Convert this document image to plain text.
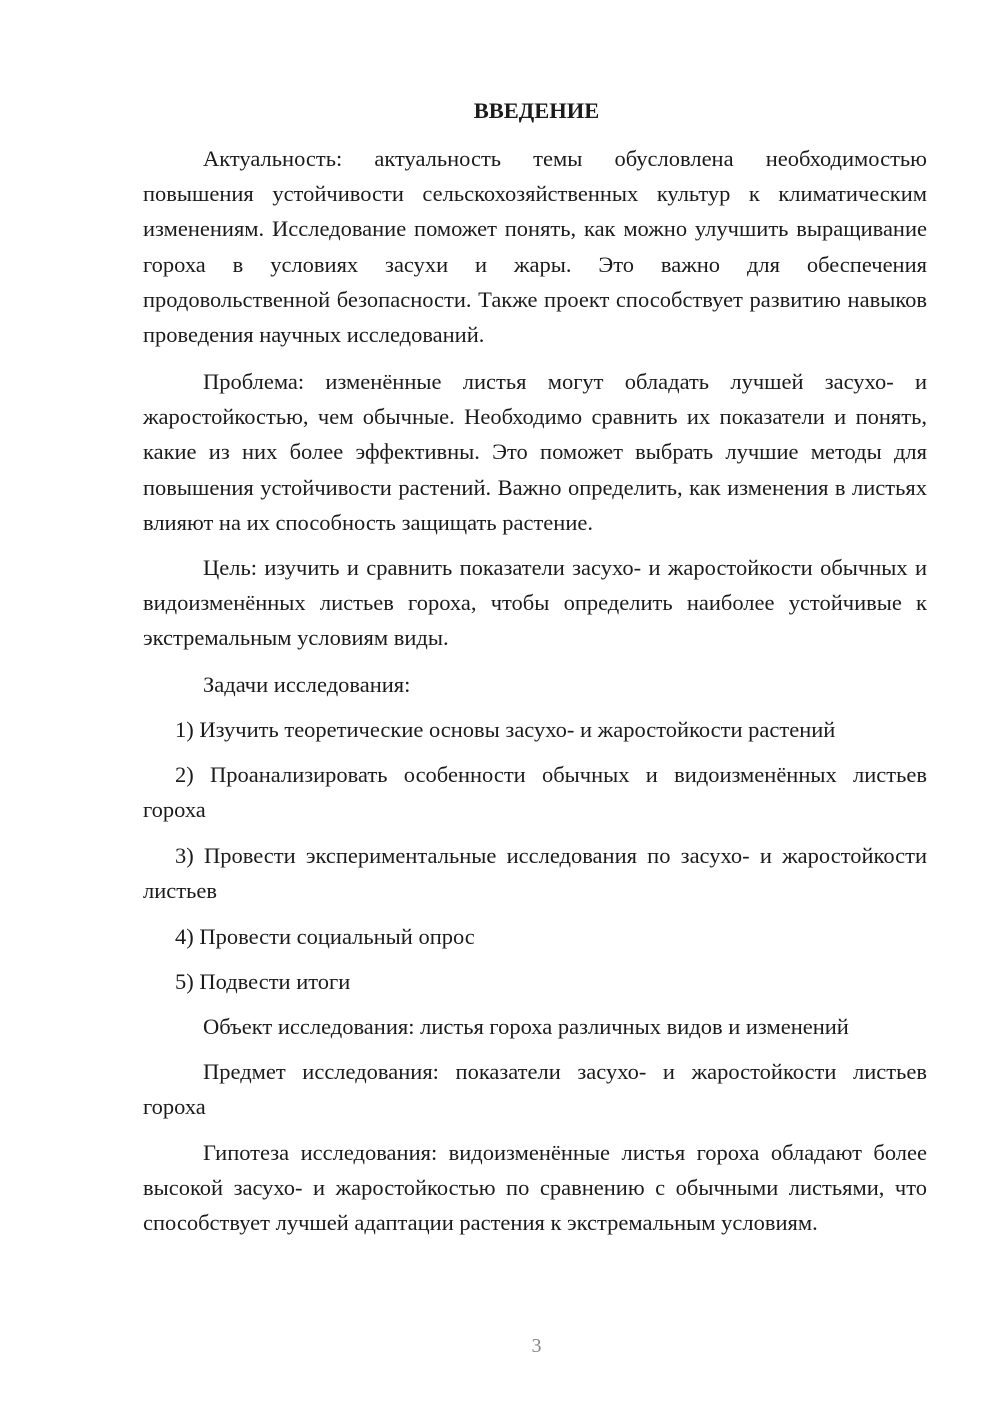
ВВЕДЕНИЕ

Актуальность: актуальность темы обусловлена необходимостью повышения устойчивости сельскохозяйственных культур к климатическим изменениям. Исследование поможет понять, как можно улучшить выращивание гороха в условиях засухи и жары. Это важно для обеспечения продовольственной безопасности. Также проект способствует развитию навыков проведения научных исследований.

Проблема: изменённые листья могут обладать лучшей засухо- и жаростойкостью, чем обычные. Необходимо сравнить их показатели и понять, какие из них более эффективны. Это поможет выбрать лучшие методы для повышения устойчивости растений. Важно определить, как изменения в листьях влияют на их способность защищать растение.

Цель: изучить и сравнить показатели засухо- и жаростойкости обычных и видоизменённых листьев гороха, чтобы определить наиболее устойчивые к экстремальным условиям виды.

Задачи исследования:

1) Изучить теоретические основы засухо- и жаростойкости растений

2) Проанализировать особенности обычных и видоизменённых листьев гороха

3) Провести экспериментальные исследования по засухо- и жаростойкости листьев

4) Провести социальный опрос

5) Подвести итоги

Объект исследования: листья гороха различных видов и изменений

Предмет исследования: показатели засухо- и жаростойкости листьев гороха

Гипотеза исследования: видоизменённые листья гороха обладают более высокой засухо- и жаростойкостью по сравнению с обычными листьями, что способствует лучшей адаптации растения к экстремальным условиям.

3
